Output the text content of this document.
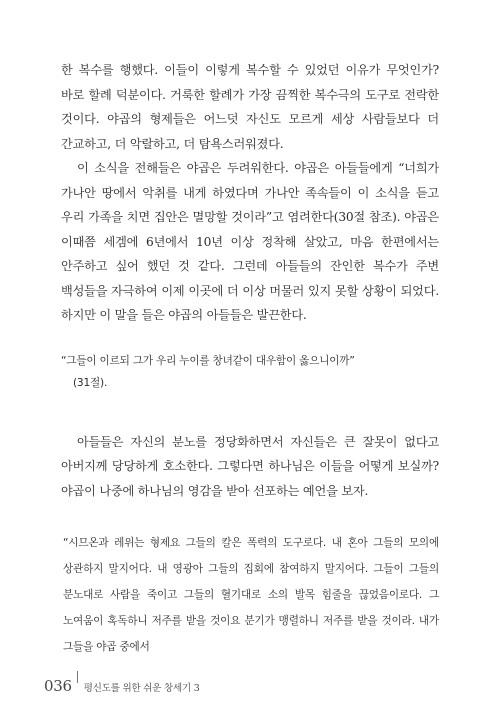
한 복수를 행했다. 이들이 이렇게 복수할 수 있었던 이유가 무엇인가? 바로 할례 덕분이다. 거룩한 할례가 가장 끔찍한 복수극의 도구로 전락한 것이다. 야곱의 형제들은 어느덧 자신도 모르게 세상 사람들보다 더 간교하고, 더 악랄하고, 더 탐욕스러워졌다.

이 소식을 전해들은 야곱은 두려워한다. 야곱은 아들들에게 “너희가 가나안 땅에서 악취를 내게 하였다며 가나안 족속들이 이 소식을 듣고 우리 가족을 치면 집안은 멸망할 것이라”고 염려한다(30절 참조). 야곱은 이때쯤 세겜에 6년에서 10년 이상 정착해 살았고, 마음 한편에서는 안주하고 싶어 했던 것 같다. 그런데 아들들의 잔인한 복수가 주변 백성들을 자극하여 이제 이곳에 더 이상 머물러 있지 못할 상황이 되었다. 하지만 이 말을 들은 야곱의 아들들은 발끈한다.

“그들이 이르되 그가 우리 누이를 창녀같이 대우함이 옳으니이까”
(31절).

아들들은 자신의 분노를 정당화하면서 자신들은 큰 잘못이 없다고 아버지께 당당하게 호소한다. 그렇다면 하나님은 이들을 어떻게 보실까? 야곱이 나중에 하나님의 영감을 받아 선포하는 예언을 보자.

“시므온과 레위는 형제요 그들의 칼은 폭력의 도구로다. 내 혼아 그들의 모의에 상관하지 말지어다. 내 영광아 그들의 집회에 참여하지 말지어다. 그들이 그들의 분노대로 사람을 죽이고 그들의 혈기대로 소의 발목 힘줄을 끊었음이로다. 그 노여움이 혹독하니 저주를 받을 것이요 분기가 맹렬하니 저주를 받을 것이라. 내가 그들을 야곱 중에서
036 평신도를 위한 쉬운 창세기 3
